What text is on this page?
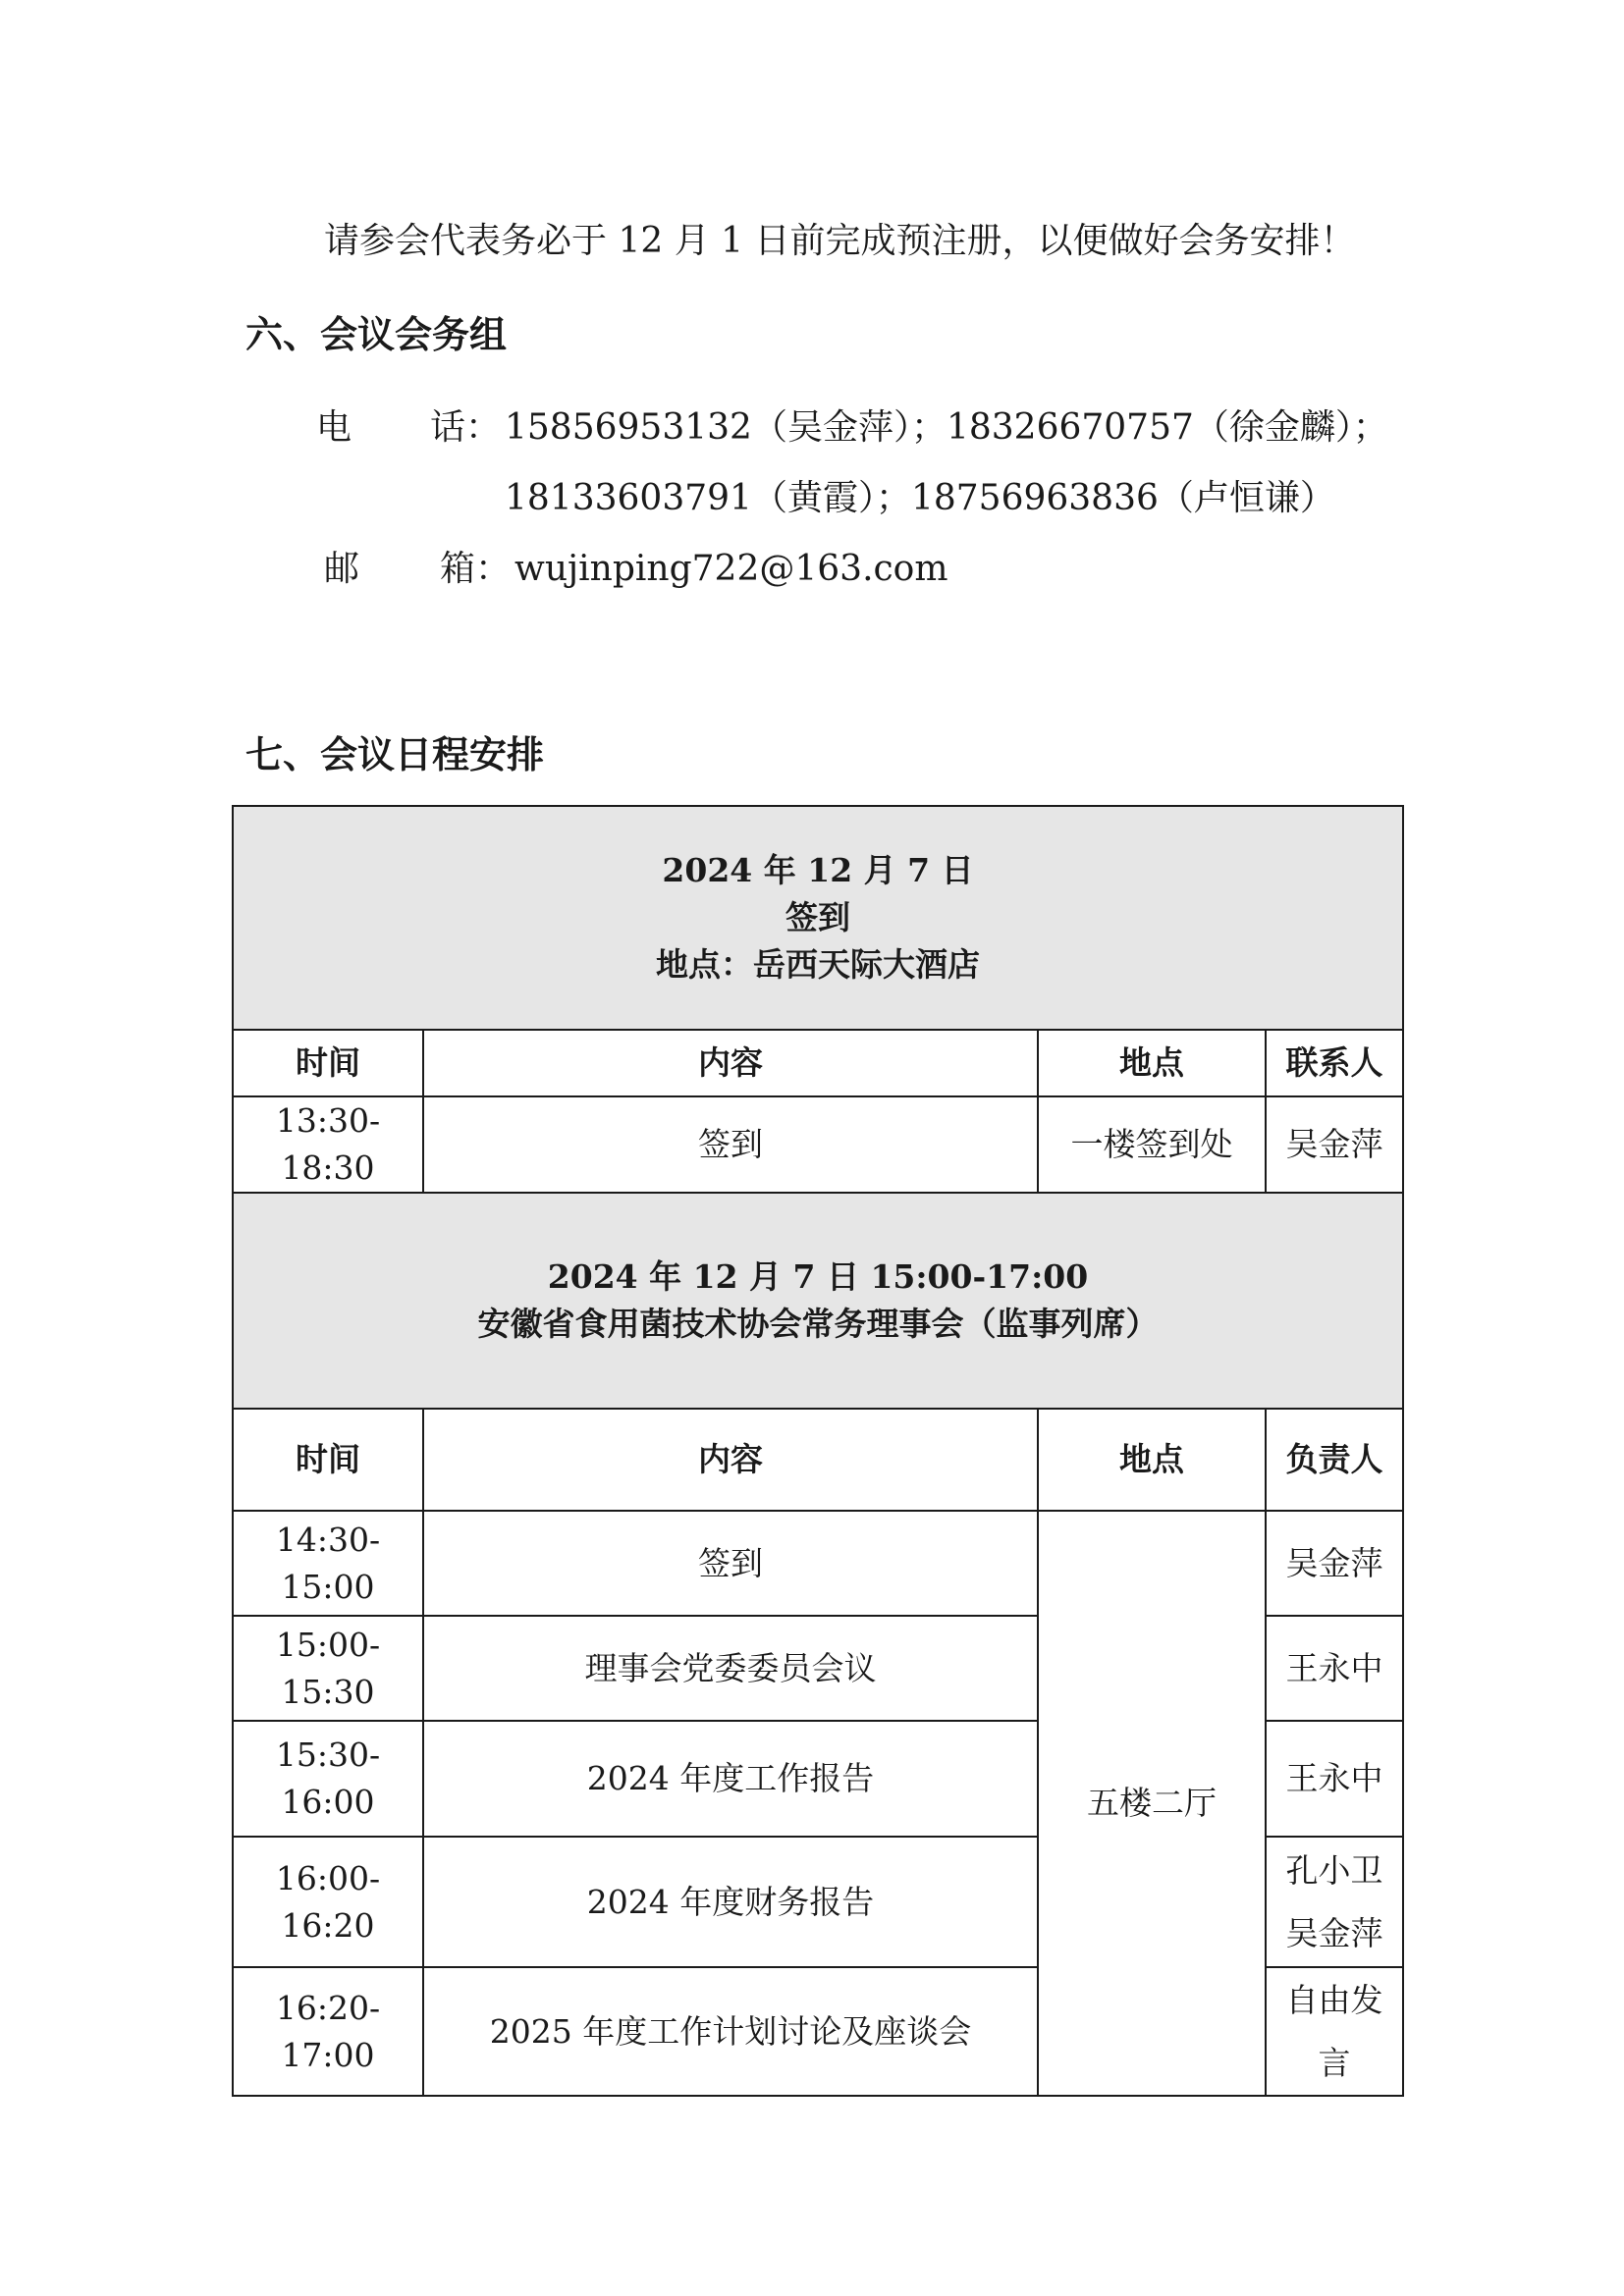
请参会代表务必于 12 月 1 日前完成预注册，以便做好会务安排！
六、会议会务组
电 话： 15856953132（吴金萍）；18326670757（徐金麟）；
18133603791（黄霞）；18756963836（卢恒谦）
邮 箱： wujinping722@163.com
七、会议日程安排
2024 年 12 月 7 日
签到
地点：岳西天际大酒店			

时间	内容	地点	联系人
13:30-18:30	签到	一楼签到处	吴金萍

2024 年 12 月 7 日 15:00-17:00
安徽省食用菌技术协会常务理事会（监事列席）			

时间	内容	地点	负责人
14:30-15:00	签到	五楼二厅	吴金萍
15:00-15:30	理事会党委委员会议		王永中
15:30-16:00	2024 年度工作报告		王永中
16:00-16:20	2024 年度财务报告		孔小卫
吴金萍

16:20-17:00	2025 年度工作计划讨论及座谈会		自由发
言
